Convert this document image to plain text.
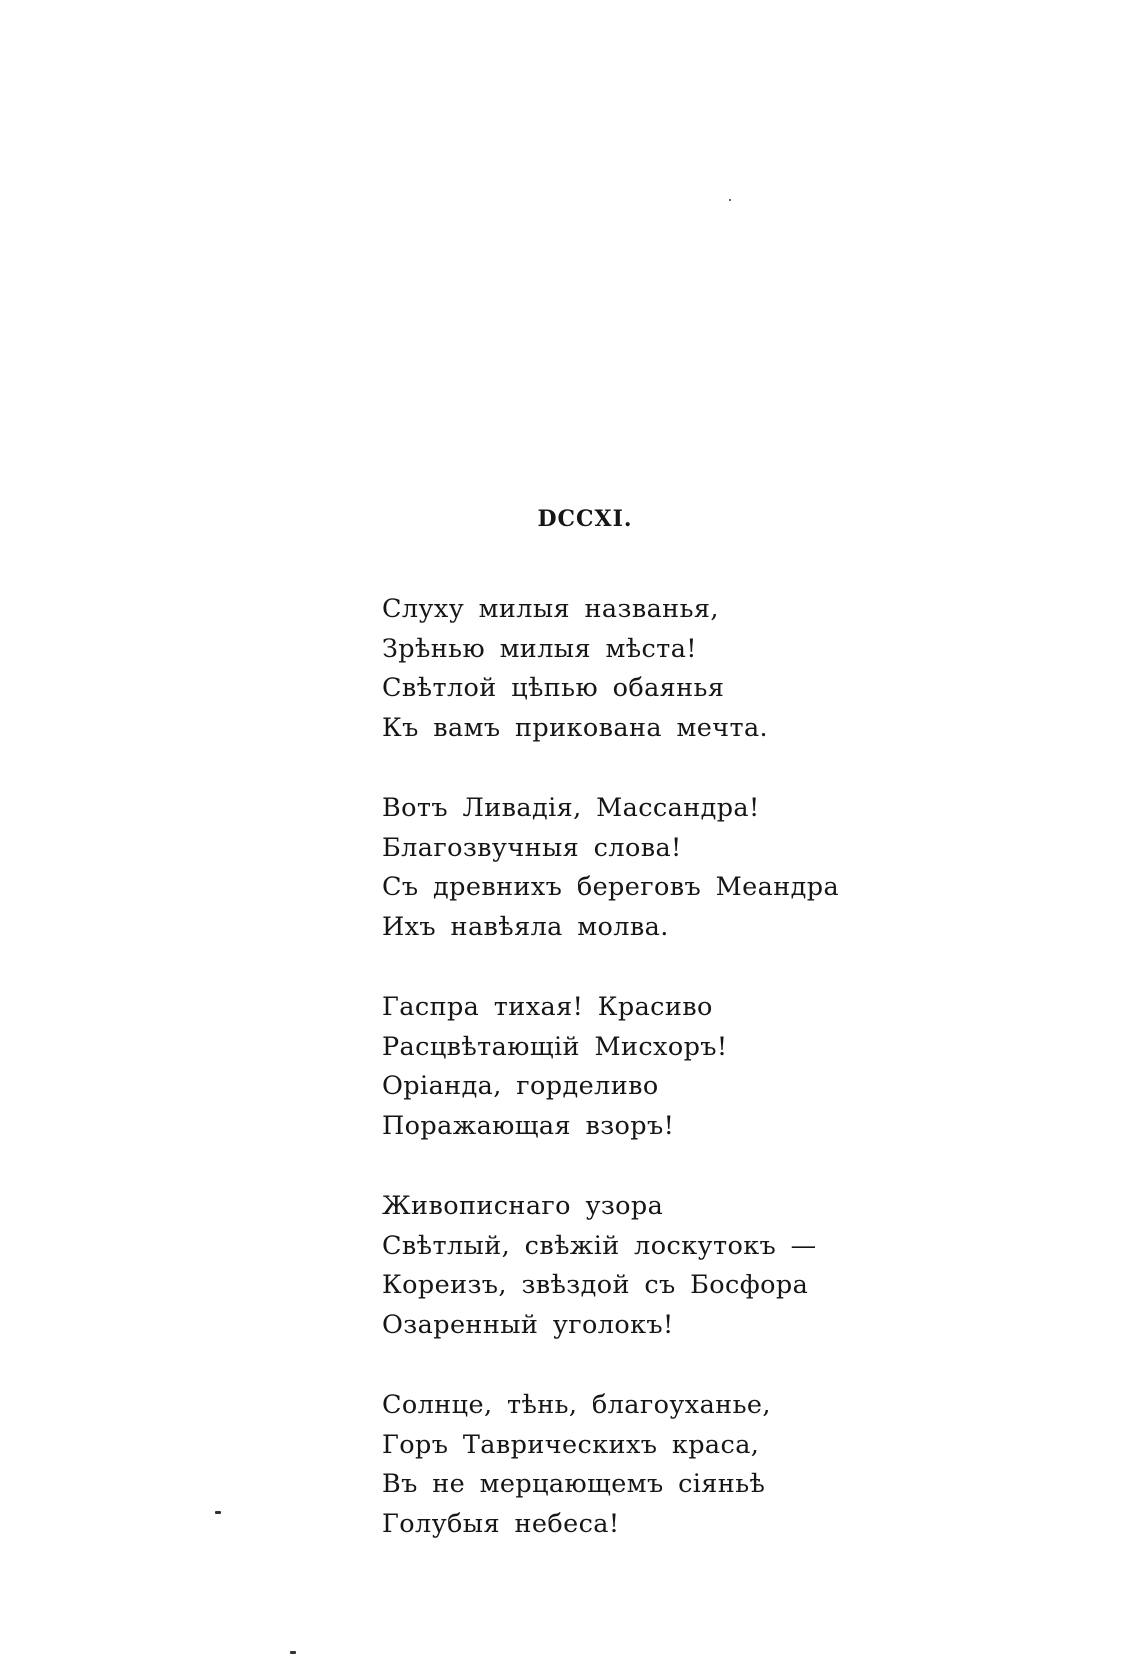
DCCXI.
Слуху милыя названья,
Зрѣнью милыя мѣста!
Свѣтлой цѣпью обаянья
Къ вамъ прикована мечта.
Вотъ Ливадія, Массандра!
Благозвучныя слова!
Съ древнихъ береговъ Меандра
Ихъ навѣяла молва.
Гаспра тихая! Красиво
Расцвѣтающій Мисхоръ!
Оріанда, горделиво
Поражающая взоръ!
Живописнаго узора
Свѣтлый, свѣжій лоскутокъ —
Кореизъ, звѣздой съ Босфора
Озаренный уголокъ!
Солнце, тѣнь, благоуханье,
Горъ Таврическихъ краса,
Въ не мерцающемъ сіяньѣ
Голубыя небеса!
